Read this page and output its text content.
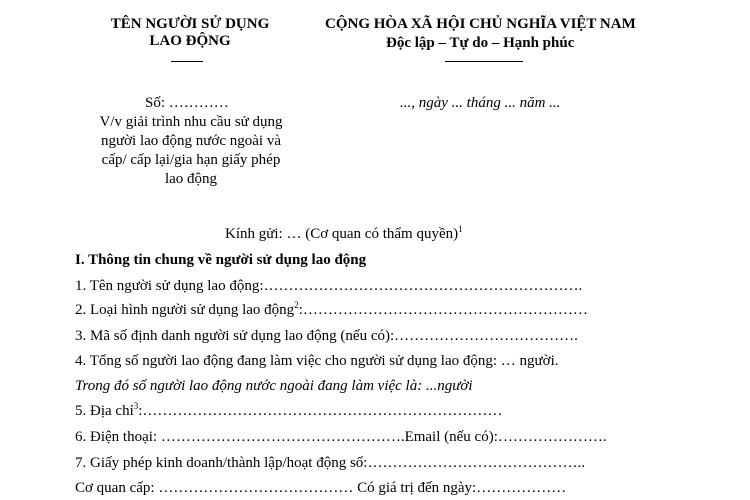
TÊN NGƯỜI SỬ DỤNG
LAO ĐỘNG
CỘNG HÒA XÃ HỘI CHỦ NGHĨA VIỆT NAM
Độc lập – Tự do – Hạnh phúc
Số: …………
V/v giải trình nhu cầu sử dụng
người lao động nước ngoài và
cấp/ cấp lại/gia hạn giấy phép
lao động
..., ngày ... tháng ... năm ...
Kính gửi: … (Cơ quan có thẩm quyền)$^1$
I. Thông tin chung về người sử dụng lao động
1. Tên người sử dụng lao động:……………………………………………………….
2. Loại hình người sử dụng lao động$^2$:…………………………………………………
3. Mã số định danh người sử dụng lao động (nếu có):……………………………….
4. Tổng số người lao động đang làm việc cho người sử dụng lao động: … người.
Trong đó số người lao động nước ngoài đang làm việc là: ...người
5. Địa chỉ$^3$:………………………………………………………………
6. Điện thoại: ………………………………………….Email (nếu có):………………….
7. Giấy phép kinh doanh/thành lập/hoạt động số:……………………………………..
Cơ quan cấp: ………………………………… Có giá trị đến ngày:………………
